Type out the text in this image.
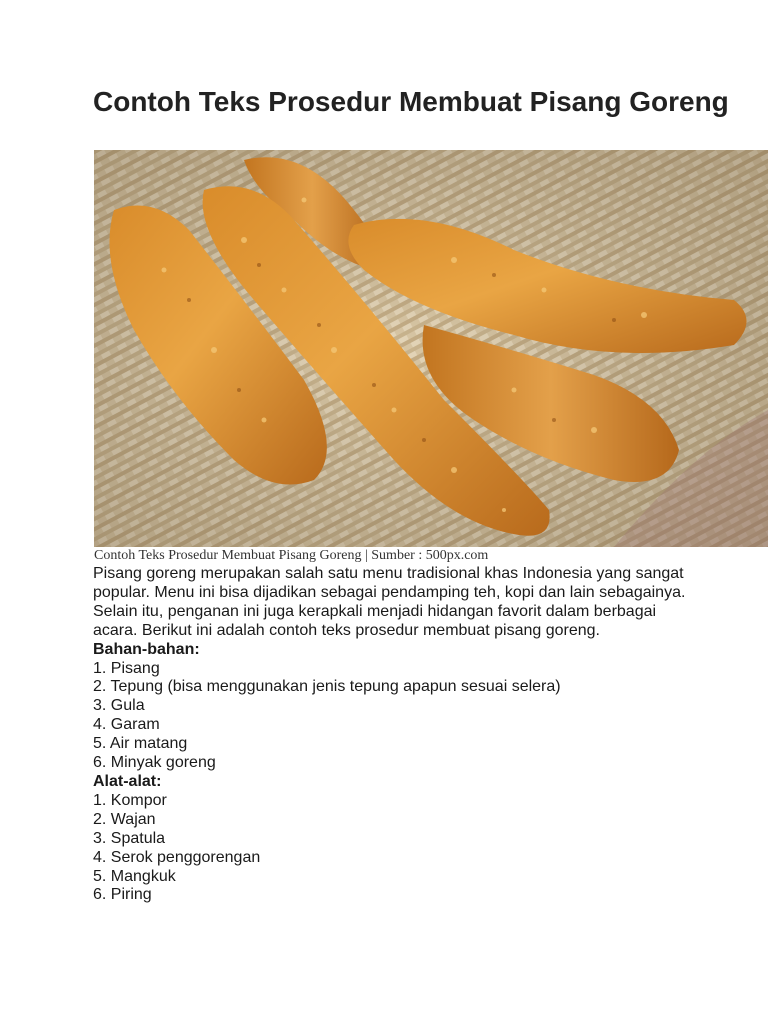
Contoh Teks Prosedur Membuat Pisang Goreng
Contoh Teks Prosedur Membuat Pisang Goreng | Sumber : 500px.com

Pisang goreng merupakan salah satu menu tradisional khas Indonesia yang sangat popular. Menu ini bisa dijadikan sebagai pendamping teh, kopi dan lain sebagainya. Selain itu, penganan ini juga kerapkali menjadi hidangan favorit dalam berbagai acara. Berikut ini adalah contoh teks prosedur membuat pisang goreng.

Bahan-bahan:

1. Pisang
2. Tepung (bisa menggunakan jenis tepung apapun sesuai selera)
3. Gula
4. Garam
5. Air matang
6. Minyak goreng

Alat-alat:

1. Kompor
2. Wajan
3. Spatula
4. Serok penggorengan
5. Mangkuk
6. Piring
